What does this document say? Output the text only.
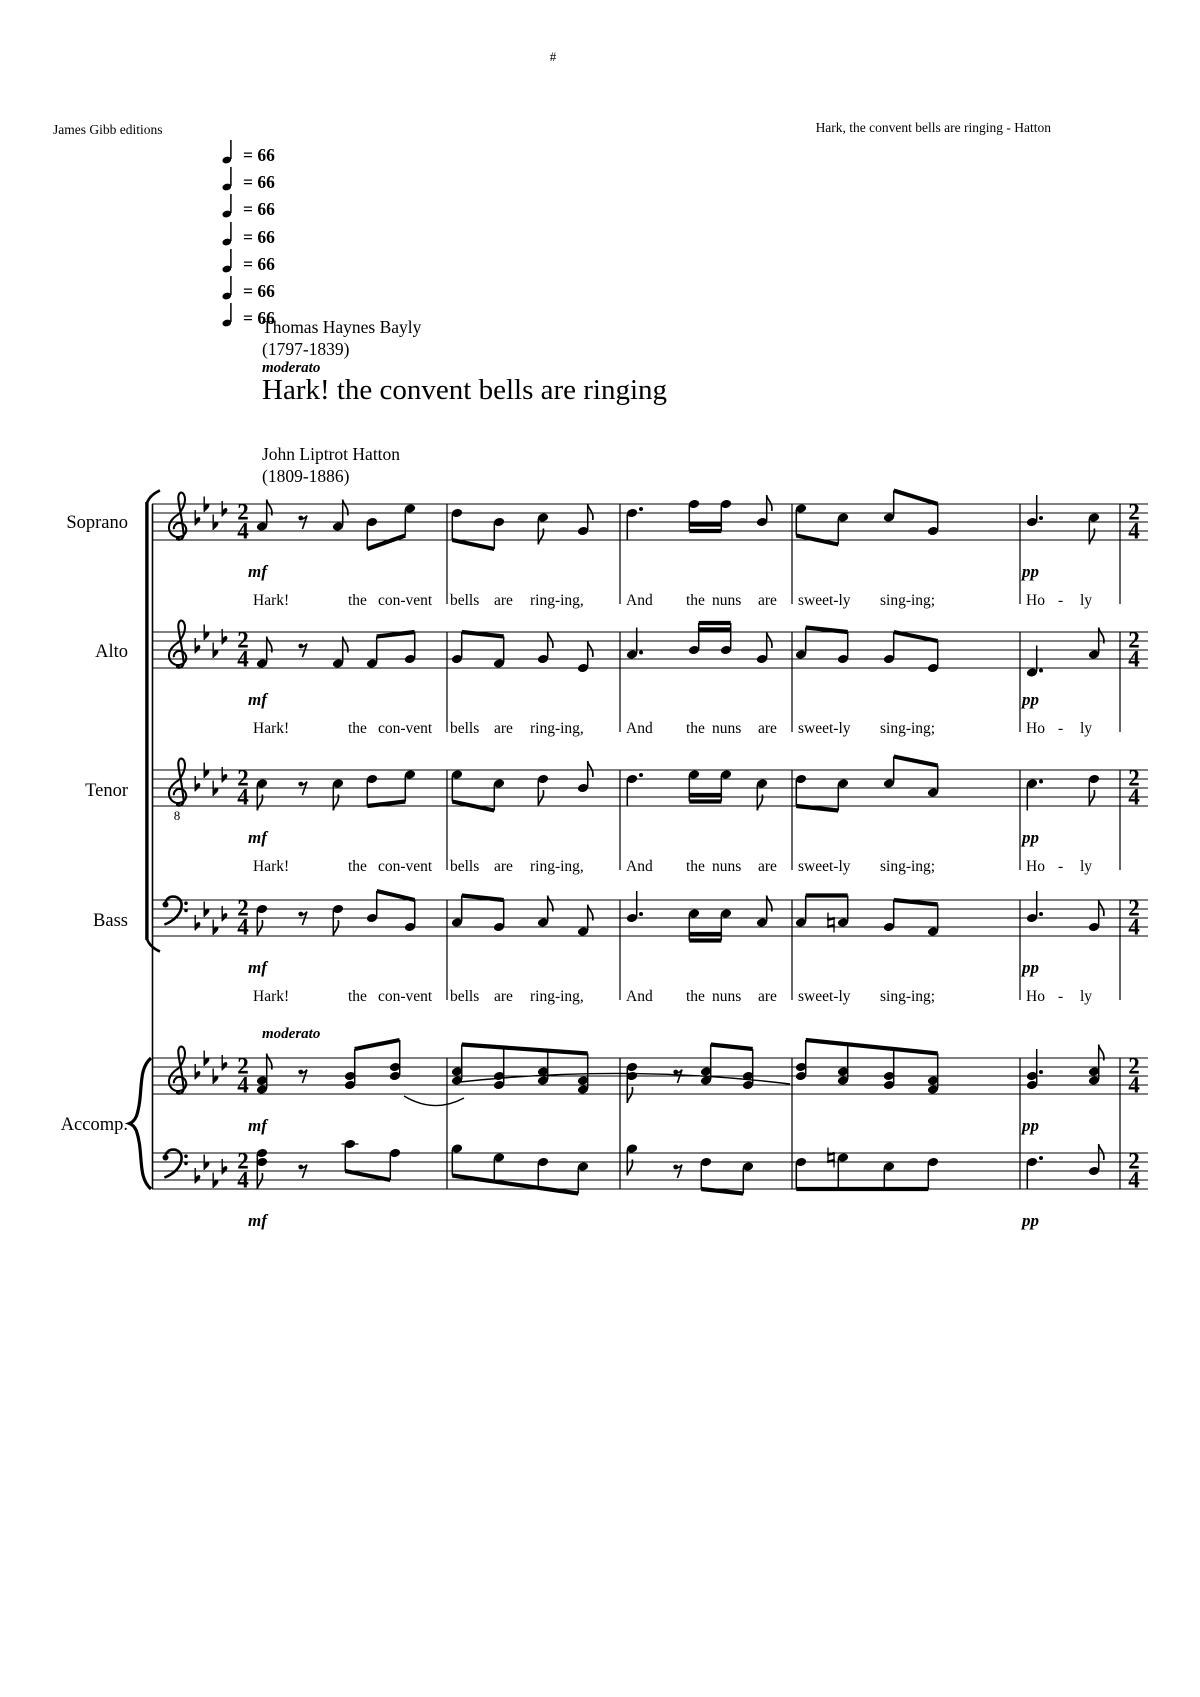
8
2
4
2
4
2
4
2
4
2
4
2
4
2
4
2
4
2
4
2
4
2
4
2
4
#
James Gibb editions	Hark, the convent bells are ringing - Hatton
= 66
= 66
= 66
= 66
= 66
= 66
= 66
Thomas Haynes Bayly
(1797-1839)
moderato
Hark! the convent bells are ringing
John Liptrot Hatton
(1809-1886)
moderato
Soprano
Alto
Tenor
Bass
Accomp.
mf	pp
mf	pp
mf	pp
mf	pp
mf	pp
mf	pp
Hark!	the con-vent bells are ring-ing,	And the nuns are sweet-ly sing-ing;	Ho - ly
Hark!	the con-vent bells are ring-ing,	And the nuns are sweet-ly sing-ing;	Ho - ly
Hark!	the con-vent bells are ring-ing,	And the nuns are sweet-ly sing-ing;	Ho - ly
Hark!	the con-vent bells are ring-ing,	And the nuns are sweet-ly sing-ing;	Ho - ly
